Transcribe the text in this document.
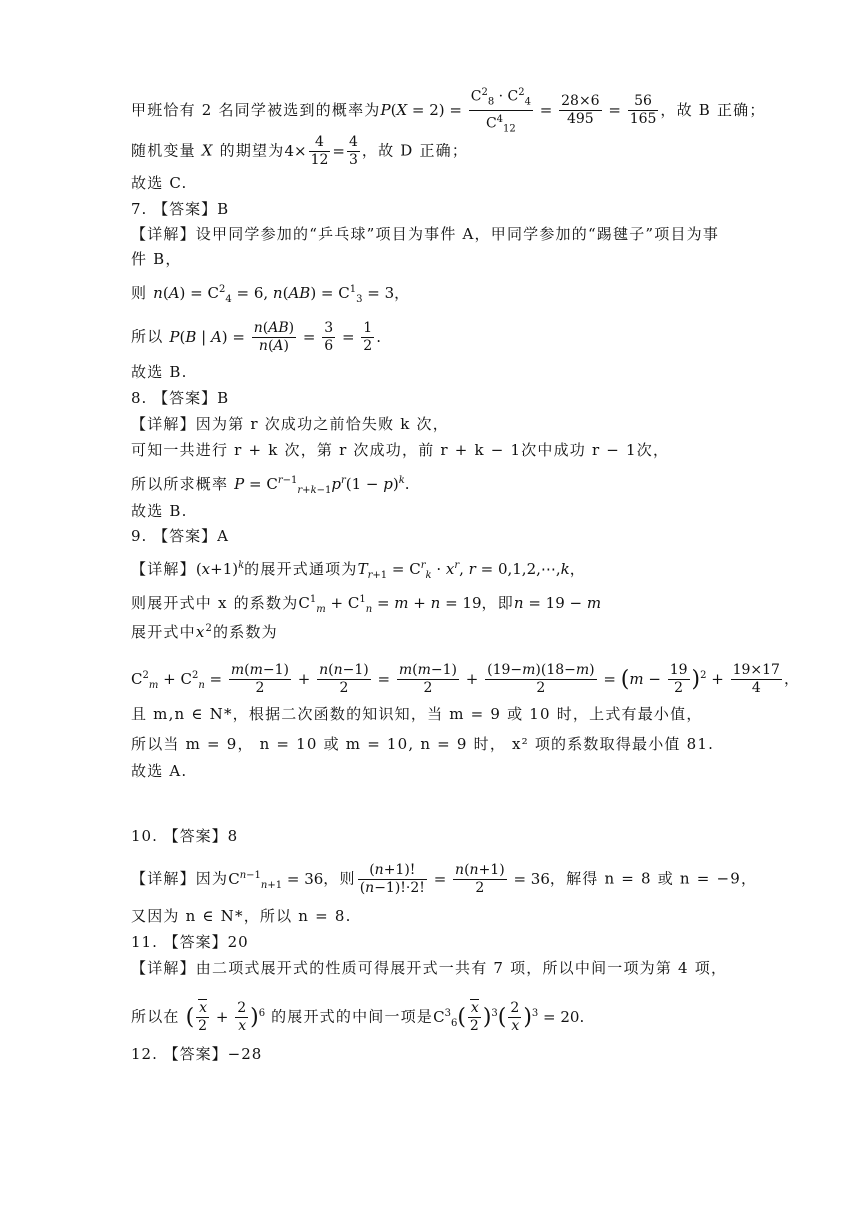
甲班恰有 2 名同学被选到的概率为$P(X = 2) = \frac{C^2_8 \cdot C^2_4}{C^4_{12}} = \frac{28\times 6}{495} = \frac{56}{165}$ ，故 B 正确；
随机变量 X 的期望为$4\times \frac{4}{12} = \frac{4}{3}$ ，故 D 正确；
故选 C.
7. 【答案】B
【详解】设甲同学参加的“乒乓球”项目为事件 A，甲同学参加的“踢毽子”项目为事
件 B，
则 $n(A) = C^2_4 = 6$, $n(AB) = C^1_3 = 3$，
所以 P(B | $A) = \frac{n(AB)}{n(A)} = \frac{3}{6} = \frac{1}{2}$ .
故选 B.
8. 【答案】B
【详解】因为第 r 次成功之前恰失败 k 次，
可知一共进行 r + k 次，第 r 次成功，前 r + k − 1次中成功 r − 1次，
所以所求概率 $P = C^{r-1}_{r+k-1}p^r(1 - p)^k$.
故选 B.
9. 【答案】A
【详解】$(x+1)^k$的展开式通项为$T_{r+1} = C^r_k \cdot x^r$, r = 0,1,2,⋯,k，
则展开式中 x 的系数为$C^1_m + C^1_n = m + n = 19$，即n = 19 − m
展开式中$x^2$的系数为
$C^2_m + C^2_n = \frac{m(m-1)}{2} + \frac{n(n-1)}{2} = \frac{m(m-1)}{2} + \frac{(19-m)(18-m)}{2} = (m - \frac{19}{2} )^2 + \frac{19\times 17}{4}$ ，
且 m,n ∈ N*，根据二次函数的知识知，当 m = 9 或 10 时，上式有最小值，
所以当 m = 9， n = 10 或 m = 10, n = 9 时， x² 项的系数取得最小值 81.
故选 A.
10. 【答案】8
【详解】因为$C^{n-1}_{n+1} = 36$，则 $\frac{(n+1)!}{(n-1)!\cdot 2!} = \frac{n(n+1)}{2} = 36$，解得 n = 8 或 n = −9，
又因为 n ∈ N*，所以 n = 8.
11. 【答案】20
【详解】由二项式展开式的性质可得展开式一共有 7 项，所以中间一项为第 4 项，
所以在 ( $\frac{x}{2} + \frac{2}{x} )^6$ 的展开式的中间一项是$C^3_6( \frac{x}{2} )^3( \frac{2}{x} )^3 = 20$.
12. 【答案】−28
